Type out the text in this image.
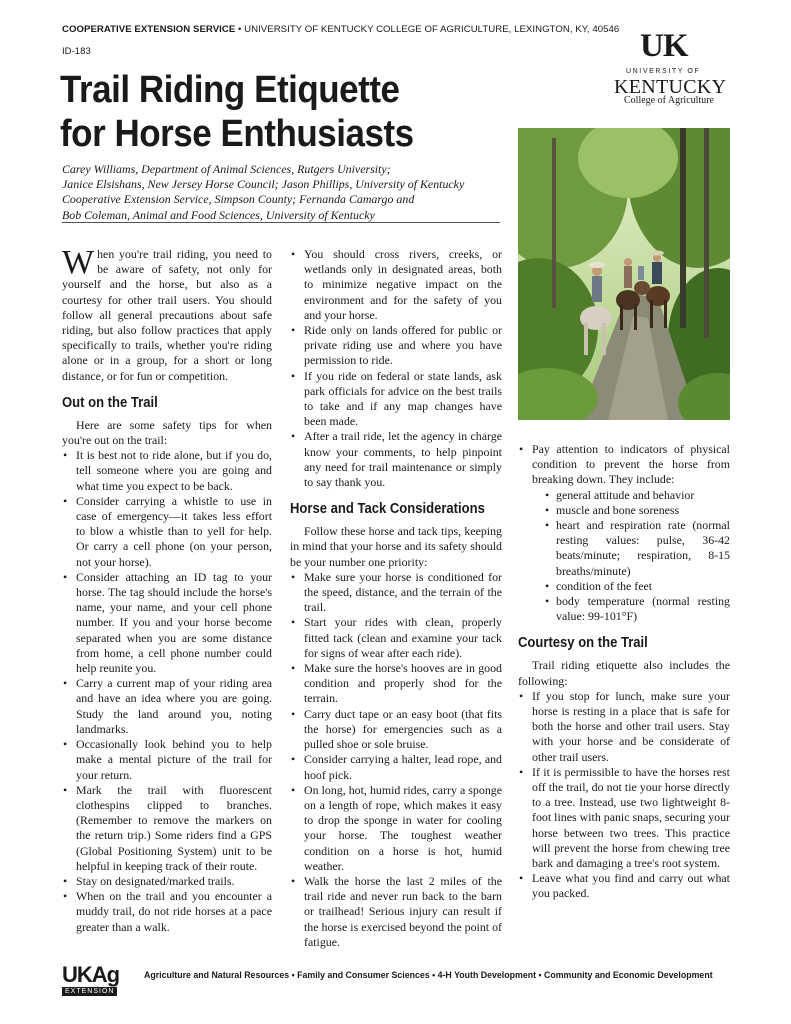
COOPERATIVE EXTENSION SERVICE • UNIVERSITY OF KENTUCKY COLLEGE OF AGRICULTURE, LEXINGTON, KY, 40546
ID-183	UK
UNIVERSITY OF
KENTUCKY
College of Agriculture
Trail Riding Etiquette
for Horse Enthusiasts
Carey Williams, Department of Animal Sciences, Rutgers University;
Janice Elsishans, New Jersey Horse Council; Jason Phillips, University of Kentucky
Cooperative Extension Service, Simpson County; Fernanda Camargo and
Bob Coleman, Animal and Food Sciences, University of Kentucky

When you're trail riding, you need to be aware of safety, not only for yourself and the horse, but also as a courtesy for other trail users. You should follow all general precautions about safe riding, but also follow practices that apply specifically to trails, whether you're riding alone or in a group, for a short or long distance, or for fun or competition.

Out on the Trail

Here are some safety tips for when you're out on the trail:

• It is best not to ride alone, but if you do, tell someone where you are going and what time you expect to be back.
• Consider carrying a whistle to use in case of emergency—it takes less effort to blow a whistle than to yell for help. Or carry a cell phone (on your person, not your horse).
• Consider attaching an ID tag to your horse. The tag should include the horse's name, your name, and your cell phone number. If you and your horse become separated when you are some distance from home, a cell phone number could help reunite you.
• Carry a current map of your riding area and have an idea where you are going. Study the land around you, noting landmarks.
• Occasionally look behind you to help make a mental picture of the trail for your return.
• Mark the trail with fluorescent clothespins clipped to branches. (Remember to remove the markers on the return trip.) Some riders find a GPS (Global Positioning System) unit to be helpful in keeping track of their route.
• Stay on designated/marked trails.
• When on the trail and you encounter a muddy trail, do not ride horses at a pace greater than a walk.
• You should cross rivers, creeks, or wetlands only in designated areas, both to minimize negative impact on the environment and for the safety of you and your horse.
• Ride only on lands offered for public or private riding use and where you have permission to ride.
• If you ride on federal or state lands, ask park officials for advice on the best trails to take and if any map changes have been made.
• After a trail ride, let the agency in charge know your comments, to help pinpoint any need for trail maintenance or simply to say thank you.
Horse and Tack Considerations

Follow these horse and tack tips, keeping in mind that your horse and its safety should be your number one priority:

• Make sure your horse is conditioned for the speed, distance, and the terrain of the trail.
• Start your rides with clean, properly fitted tack (clean and examine your tack for signs of wear after each ride).
• Make sure the horse's hooves are in good condition and properly shod for the terrain.
• Carry duct tape or an easy boot (that fits the horse) for emergencies such as a pulled shoe or sole bruise.
• Consider carrying a halter, lead rope, and hoof pick.
• On long, hot, humid rides, carry a sponge on a length of rope, which makes it easy to drop the sponge in water for cooling your horse. The toughest weather condition on a horse is hot, humid weather.
• Walk the horse the last 2 miles of the trail ride and never run back to the barn or trailhead! Serious injury can result if the horse is exercised beyond the point of fatigue.
• Pay attention to indicators of physical condition to prevent the horse from breaking down. They include:
• general attitude and behavior
• muscle and bone soreness
• heart and respiration rate (normal resting values: pulse, 36-42 beats/minute; respiration, 8-15 breaths/minute)
• condition of the feet
• body temperature (normal resting value: 99-101°F)
Courtesy on the Trail

Trail riding etiquette also includes the following:

• If you stop for lunch, make sure your horse is resting in a place that is safe for both the horse and other trail users. Stay with your horse and be considerate of other trail users.
• If it is permissible to have the horses rest off the trail, do not tie your horse directly to a tree. Instead, use two lightweight 8-foot lines with panic snaps, securing your horse between two trees. This practice will prevent the horse from chewing tree bark and damaging a tree's root system.
• Leave what you find and carry out what you packed.
UKAg
EXTENSION
Agriculture and Natural Resources • Family and Consumer Sciences • 4-H Youth Development • Community and Economic Development
